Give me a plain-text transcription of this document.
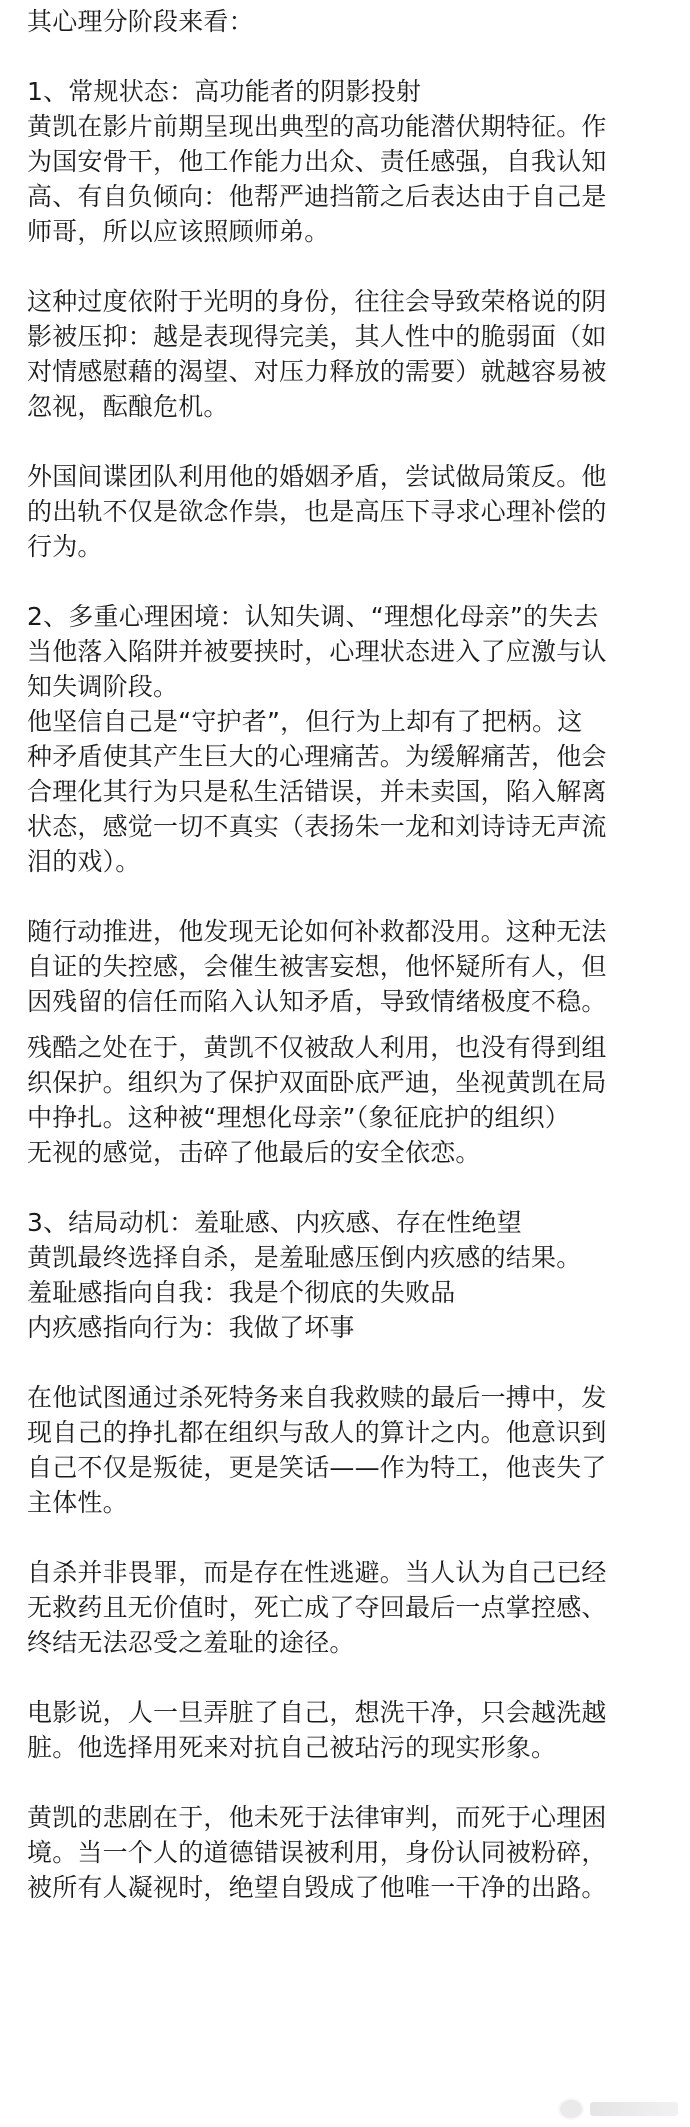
其心理分阶段来看：
1、常规状态：高功能者的阴影投射
黄凯在影片前期呈现出典型的高功能潜伏期特征。作
为国安骨干，他工作能力出众、责任感强，自我认知
高、有自负倾向：他帮严迪挡箭之后表达由于自己是
师哥，所以应该照顾师弟。
这种过度依附于光明的身份，往往会导致荣格说的阴
影被压抑：越是表现得完美，其人性中的脆弱面（如
对情感慰藉的渴望、对压力释放的需要）就越容易被
忽视，酝酿危机。
外国间谍团队利用他的婚姻矛盾，尝试做局策反。他
的出轨不仅是欲念作祟，也是高压下寻求心理补偿的
行为。
2、多重心理困境：认知失调、“理想化母亲”的失去
当他落入陷阱并被要挟时，心理状态进入了应激与认
知失调阶段。
他坚信自己是“守护者”，但行为上却有了把柄。这
种矛盾使其产生巨大的心理痛苦。为缓解痛苦，他会
合理化其行为只是私生活错误，并未卖国，陷入解离
状态，感觉一切不真实（表扬朱一龙和刘诗诗无声流
泪的戏）。
随行动推进，他发现无论如何补救都没用。这种无法
自证的失控感，会催生被害妄想，他怀疑所有人，但
因残留的信任而陷入认知矛盾，导致情绪极度不稳。
残酷之处在于，黄凯不仅被敌人利用，也没有得到组
织保护。组织为了保护双面卧底严迪，坐视黄凯在局
中挣扎。这种被“理想化母亲”（象征庇护的组织）
无视的感觉，击碎了他最后的安全依恋。
3、结局动机：羞耻感、内疚感、存在性绝望
黄凯最终选择自杀，是羞耻感压倒内疚感的结果。
羞耻感指向自我：我是个彻底的失败品
内疚感指向行为：我做了坏事
在他试图通过杀死特务来自我救赎的最后一搏中，发
现自己的挣扎都在组织与敌人的算计之内。他意识到
自己不仅是叛徒，更是笑话——作为特工，他丧失了
主体性。
自杀并非畏罪，而是存在性逃避。当人认为自己已经
无救药且无价值时，死亡成了夺回最后一点掌控感、
终结无法忍受之羞耻的途径。
电影说，人一旦弄脏了自己，想洗干净，只会越洗越
脏。他选择用死来对抗自己被玷污的现实形象。
黄凯的悲剧在于，他未死于法律审判，而死于心理困
境。当一个人的道德错误被利用，身份认同被粉碎，
被所有人凝视时，绝望自毁成了他唯一干净的出路。
